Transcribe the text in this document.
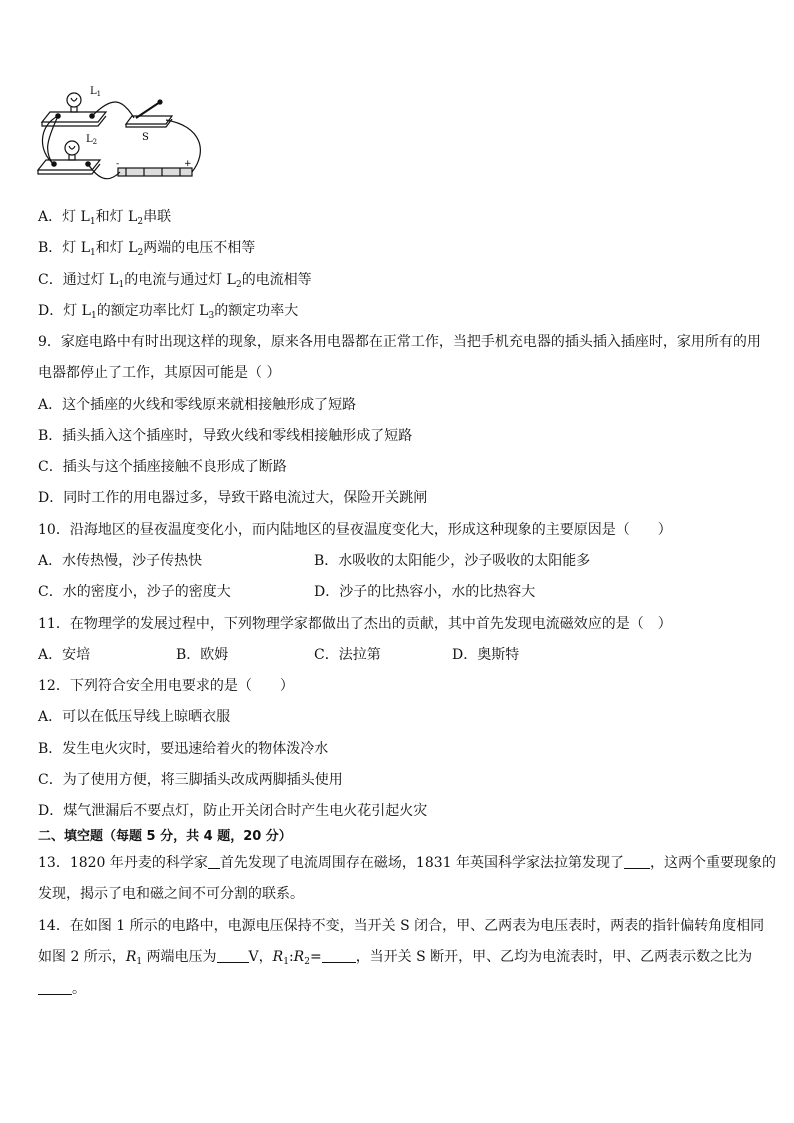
$L_1$
$L_2$	S
-	+
A．灯 $L_1$和灯 $L_2$串联
B．灯 $L_1$和灯 $L_2$两端的电压不相等
C．通过灯 $L_1$的电流与通过灯 $L_2$的电流相等
D．灯 $L_1$的额定功率比灯 $L_3$的额定功率大
9．家庭电路中有时出现这样的现象，原来各用电器都在正常工作，当把手机充电器的插头插入插座时，家用所有的用
电器都停止了工作，其原因可能是（ ）
A．这个插座的火线和零线原来就相接触形成了短路
B．插头插入这个插座时，导致火线和零线相接触形成了短路
C．插头与这个插座接触不良形成了断路
D．同时工作的用电器过多，导致干路电流过大，保险开关跳闸
10．沿海地区的昼夜温度变化小，而内陆地区的昼夜温度变化大，形成这种现象的主要原因是（　　）
A．水传热慢，沙子传热快	B．水吸收的太阳能少，沙子吸收的太阳能多
C．水的密度小，沙子的密度大	D．沙子的比热容小，水的比热容大
11．在物理学的发展过程中，下列物理学家都做出了杰出的贡献，其中首先发现电流磁效应的是（　）
A．安培	B．欧姆	C．法拉第	D．奥斯特
12．下列符合安全用电要求的是（　　）
A．可以在低压导线上晾晒衣服
B．发生电火灾时，要迅速给着火的物体泼冷水
C．为了使用方便，将三脚插头改成两脚插头使用
D．煤气泄漏后不要点灯，防止开关闭合时产生电火花引起火灾
二、填空题（每题 5 分，共 4 题，20 分）
13．1820 年丹麦的科学家 首先发现了电流周围存在磁场，1831 年英国科学家法拉第发现了 ，这两个重要现象的
发现，揭示了电和磁之间不可分割的联系。
14．在如图 1 所示的电路中，电源电压保持不变，当开关 S 闭合，甲、乙两表为电压表时，两表的指针偏转角度相同
如图 2 所示，$R_1$ 两端电压为 V，$R_1:R_2=$ ，当开关 S 断开，甲、乙均为电流表时，甲、乙两表示数之比为
。
